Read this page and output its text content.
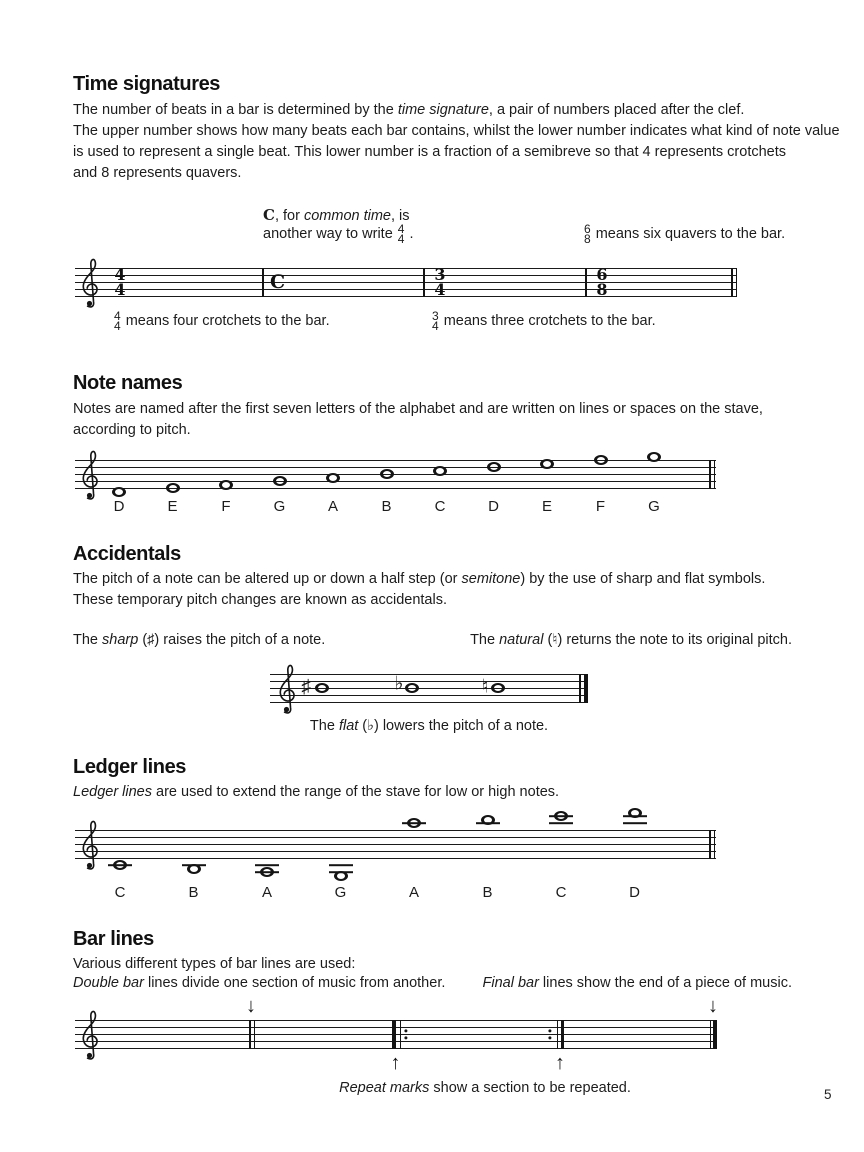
Time signatures
The number of beats in a bar is determined by the time signature, a pair of numbers placed after the clef.
The upper number shows how many beats each bar contains, whilst the lower number indicates what kind of note value
is used to represent a single beat. This lower number is a fraction of a semibreve so that 4 represents crotchets
and 8 represents quavers.
C, for common time, is
another way to write 4
4 .	6
8 means six quavers to the bar.
4
4	C	3
4
6
8
4
4 means four crotchets to the bar.	3
4 means three crotchets to the bar.
Note names
Notes are named after the first seven letters of the alphabet and are written on lines or spaces on the stave,
according to pitch.
D	E	F	G	A	B	C	D	E	F	G
Accidentals
The pitch of a note can be altered up or down a half step (or semitone) by the use of sharp and flat symbols.
These temporary pitch changes are known as accidentals.
The sharp (♯) raises the pitch of a note.	The natural (♮) returns the note to its original pitch.
♯	♭	♮
The flat (♭) lowers the pitch of a note.
Ledger lines
Ledger lines are used to extend the range of the stave for low or high notes.
C	B	A	G	A	B	C	D
Bar lines
Various different types of bar lines are used:
Double bar lines divide one section of music from another.	Final bar lines show the end of a piece of music.
↓	↓
↑	↑
Repeat marks show a section to be repeated.	5
